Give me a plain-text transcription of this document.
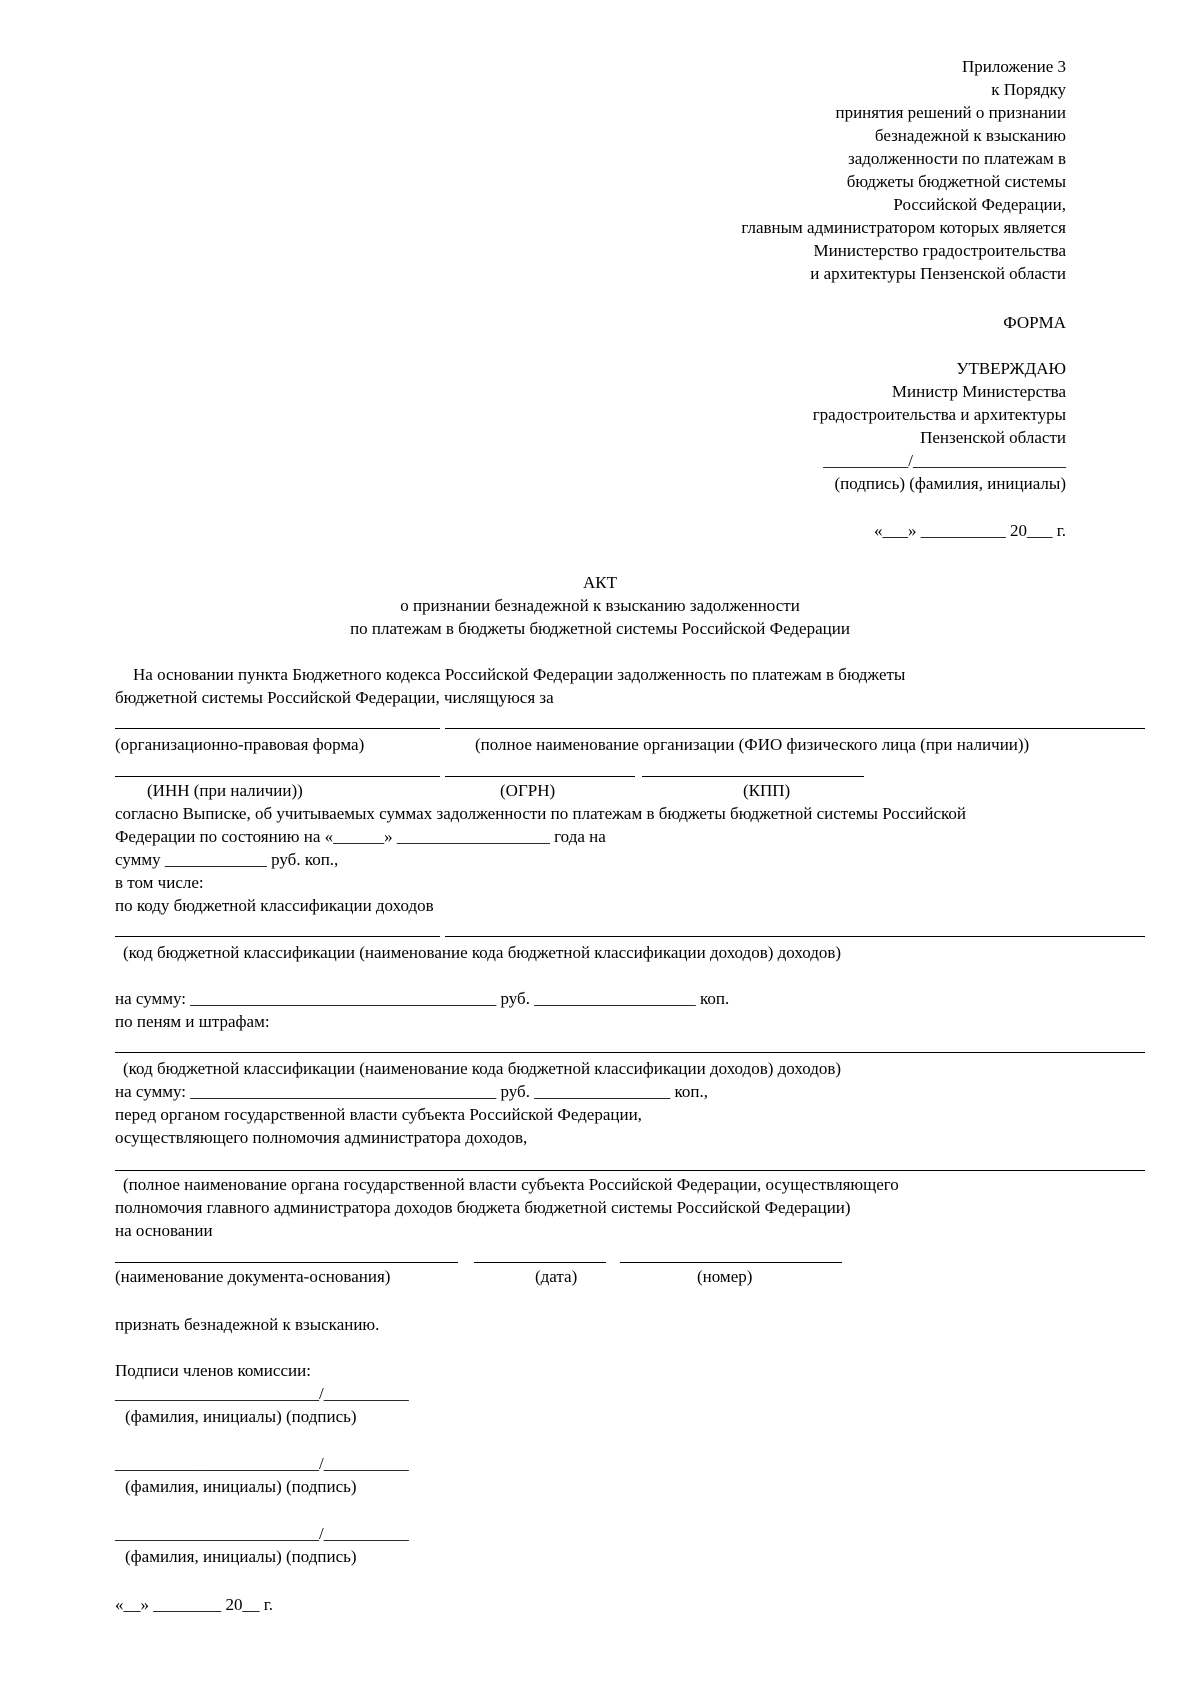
Приложение 3
к Порядку
принятия решений о признании
безнадежной к взысканию
задолженности по платежам в
бюджеты бюджетной системы
Российской Федерации,
главным администратором которых является
Министерство градостроительства
и архитектуры Пензенской области
ФОРМА
УТВЕРЖДАЮ
Министр Министерства
градостроительства и архитектуры
Пензенской области
__________/__________________
(подпись) (фамилия, инициалы)
«___» __________ 20___ г.
АКТ
о признании безнадежной к взысканию задолженности
по платежам в бюджеты бюджетной системы Российской Федерации
На основании пункта Бюджетного кодекса Российской Федерации задолженность по платежам в бюджеты
бюджетной системы Российской Федерации, числящуюся за
(организационно-правовая форма)	(полное наименование организации (ФИО физического лица (при наличии))
(ИНН (при наличии))	(ОГРН)	(КПП)
согласно Выписке, об учитываемых суммах задолженности по платежам в бюджеты бюджетной системы Российской
Федерации по состоянию на «______» __________________ года на
сумму ____________ руб. коп.,
в том числе:
по коду бюджетной классификации доходов
(код бюджетной классификации (наименование кода бюджетной классификации доходов) доходов)
на сумму: ____________________________________ руб. ___________________ коп.
по пеням и штрафам:
(код бюджетной классификации (наименование кода бюджетной классификации доходов) доходов)
на сумму: ____________________________________ руб. ________________ коп.,
перед органом государственной власти субъекта Российской Федерации,
осуществляющего полномочия администратора доходов,
(полное наименование органа государственной власти субъекта Российской Федерации, осуществляющего
полномочия главного администратора доходов бюджета бюджетной системы Российской Федерации)
на основании
(наименование документа-основания)	(дата)	(номер)
признать безнадежной к взысканию.
Подписи членов комиссии:
________________________/__________
(фамилия, инициалы) (подпись)
________________________/__________
(фамилия, инициалы) (подпись)
________________________/__________
(фамилия, инициалы) (подпись)
«__» ________ 20__ г.
